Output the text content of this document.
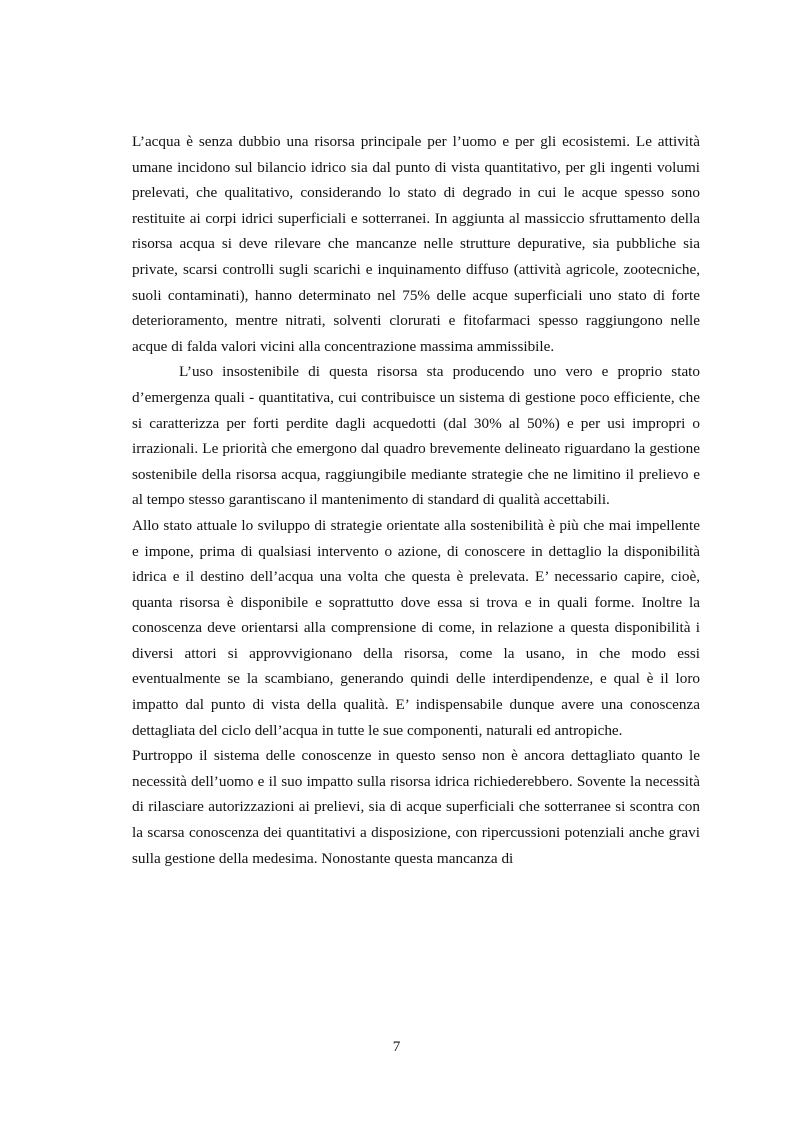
L’acqua è senza dubbio una risorsa principale per l’uomo e per gli ecosistemi. Le attività umane incidono sul bilancio idrico sia dal punto di vista quantitativo, per gli ingenti volumi prelevati, che qualitativo, considerando lo stato di degrado in cui le acque spesso sono restituite ai corpi idrici superficiali e sotterranei. In aggiunta al massiccio sfruttamento della risorsa acqua si deve rilevare che mancanze nelle strutture depurative, sia pubbliche sia private, scarsi controlli sugli scarichi e inquinamento diffuso (attività agricole, zootecniche, suoli contaminati), hanno determinato nel 75% delle acque superficiali uno stato di forte deterioramento, mentre nitrati, solventi clorurati e fitofarmaci spesso raggiungono nelle acque di falda valori vicini alla concentrazione massima ammissibile.

L’uso insostenibile di questa risorsa sta producendo uno vero e proprio stato d’emergenza quali - quantitativa, cui contribuisce un sistema di gestione poco efficiente, che si caratterizza per forti perdite dagli acquedotti (dal 30% al 50%) e per usi impropri o irrazionali. Le priorità che emergono dal quadro brevemente delineato riguardano la gestione sostenibile della risorsa acqua, raggiungibile mediante strategie che ne limitino il prelievo e al tempo stesso garantiscano il mantenimento di standard di qualità accettabili.

Allo stato attuale lo sviluppo di strategie orientate alla sostenibilità è più che mai impellente e impone, prima di qualsiasi intervento o azione, di conoscere in dettaglio la disponibilità idrica e il destino dell’acqua una volta che questa è prelevata. E’ necessario capire, cioè, quanta risorsa è disponibile e soprattutto dove essa si trova e in quali forme. Inoltre la conoscenza deve orientarsi alla comprensione di come, in relazione a questa disponibilità i diversi attori si approvvigionano della risorsa, come la usano, in che modo essi eventualmente se la scambiano, generando quindi delle interdipendenze, e qual è il loro impatto dal punto di vista della qualità. E’ indispensabile dunque avere una conoscenza dettagliata del ciclo dell’acqua in tutte le sue componenti, naturali ed antropiche.

Purtroppo il sistema delle conoscenze in questo senso non è ancora dettagliato quanto le necessità dell’uomo e il suo impatto sulla risorsa idrica richiederebbero. Sovente la necessità di rilasciare autorizzazioni ai prelievi, sia di acque superficiali che sotterranee si scontra con la scarsa conoscenza dei quantitativi a disposizione, con ripercussioni potenziali anche gravi sulla gestione della medesima. Nonostante questa mancanza di

7
